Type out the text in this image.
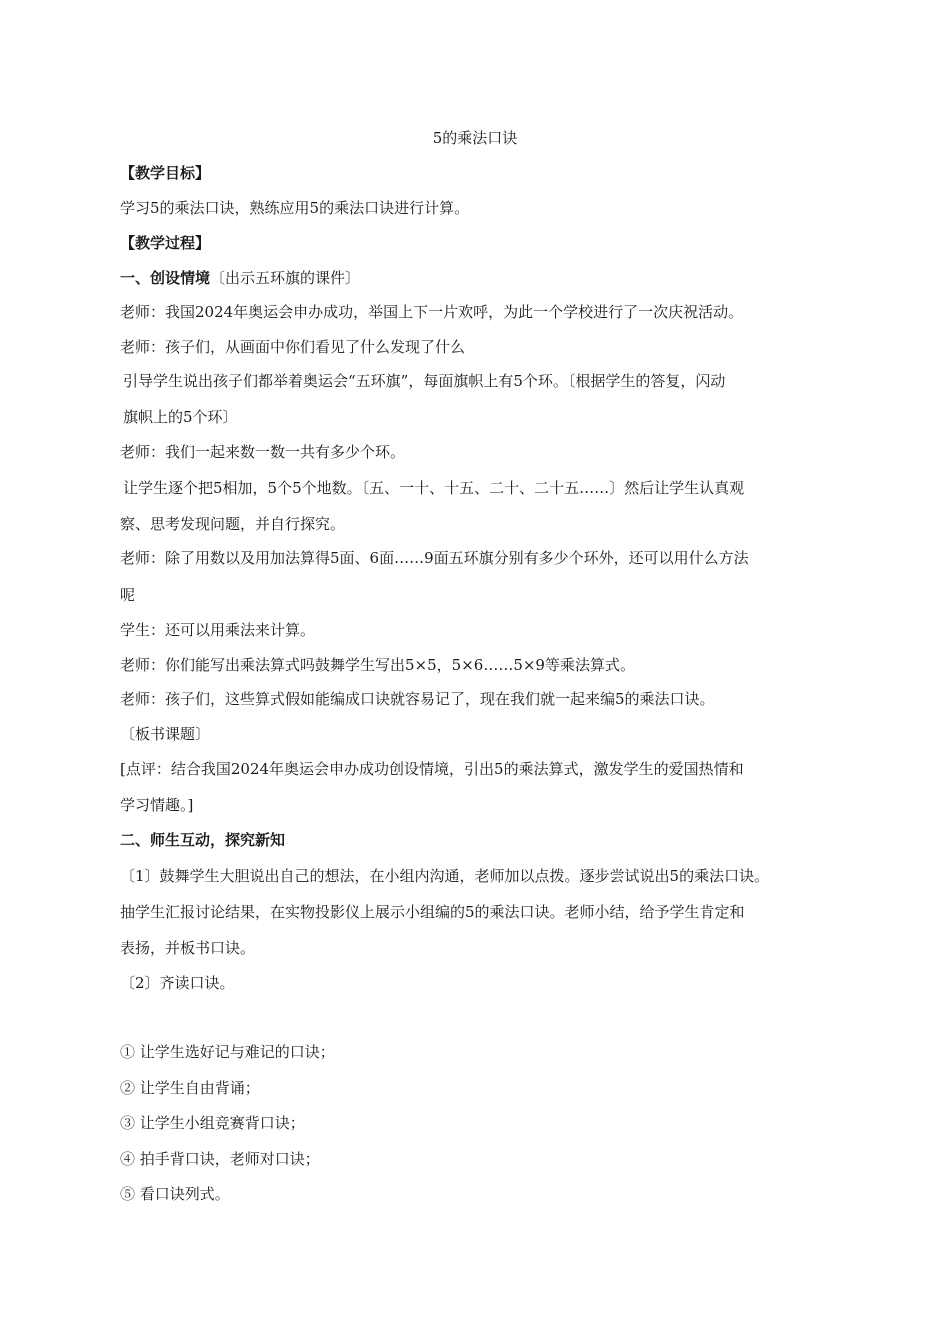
5的乘法口诀
【教学目标】
学习5的乘法口诀，熟练应用5的乘法口诀进行计算。
【教学过程】
一、创设情境〔出示五环旗的课件〕
老师：我国2024年奥运会申办成功，举国上下一片欢呼，为此一个学校进行了一次庆祝活动。
老师：孩子们，从画面中你们看见了什么发现了什么
引导学生说出孩子们都举着奥运会“五环旗”，每面旗帜上有5个环。〔根据学生的答复，闪动
旗帜上的5个环〕
老师：我们一起来数一数一共有多少个环。
让学生逐个把5相加，5个5个地数。〔五、一十、十五、二十、二十五……〕然后让学生认真观
察、思考发现问题，并自行探究。
老师：除了用数以及用加法算得5面、6面……9面五环旗分别有多少个环外，还可以用什么方法
呢
学生：还可以用乘法来计算。
老师：你们能写出乘法算式吗鼓舞学生写出5×5，5×6……5×9等乘法算式。
老师：孩子们，这些算式假如能编成口诀就容易记了，现在我们就一起来编5的乘法口诀。
〔板书课题〕
[点评：结合我国2024年奥运会申办成功创设情境，引出5的乘法算式，激发学生的爱国热情和
学习情趣。]
二、师生互动，探究新知
〔1〕鼓舞学生大胆说出自己的想法，在小组内沟通，老师加以点拨。逐步尝试说出5的乘法口诀。
抽学生汇报讨论结果，在实物投影仪上展示小组编的5的乘法口诀。老师小结，给予学生肯定和
表扬，并板书口诀。
〔2〕齐读口诀。
① 让学生选好记与难记的口诀；
② 让学生自由背诵；
③ 让学生小组竞赛背口诀；
④ 拍手背口诀，老师对口诀；
⑤ 看口诀列式。
